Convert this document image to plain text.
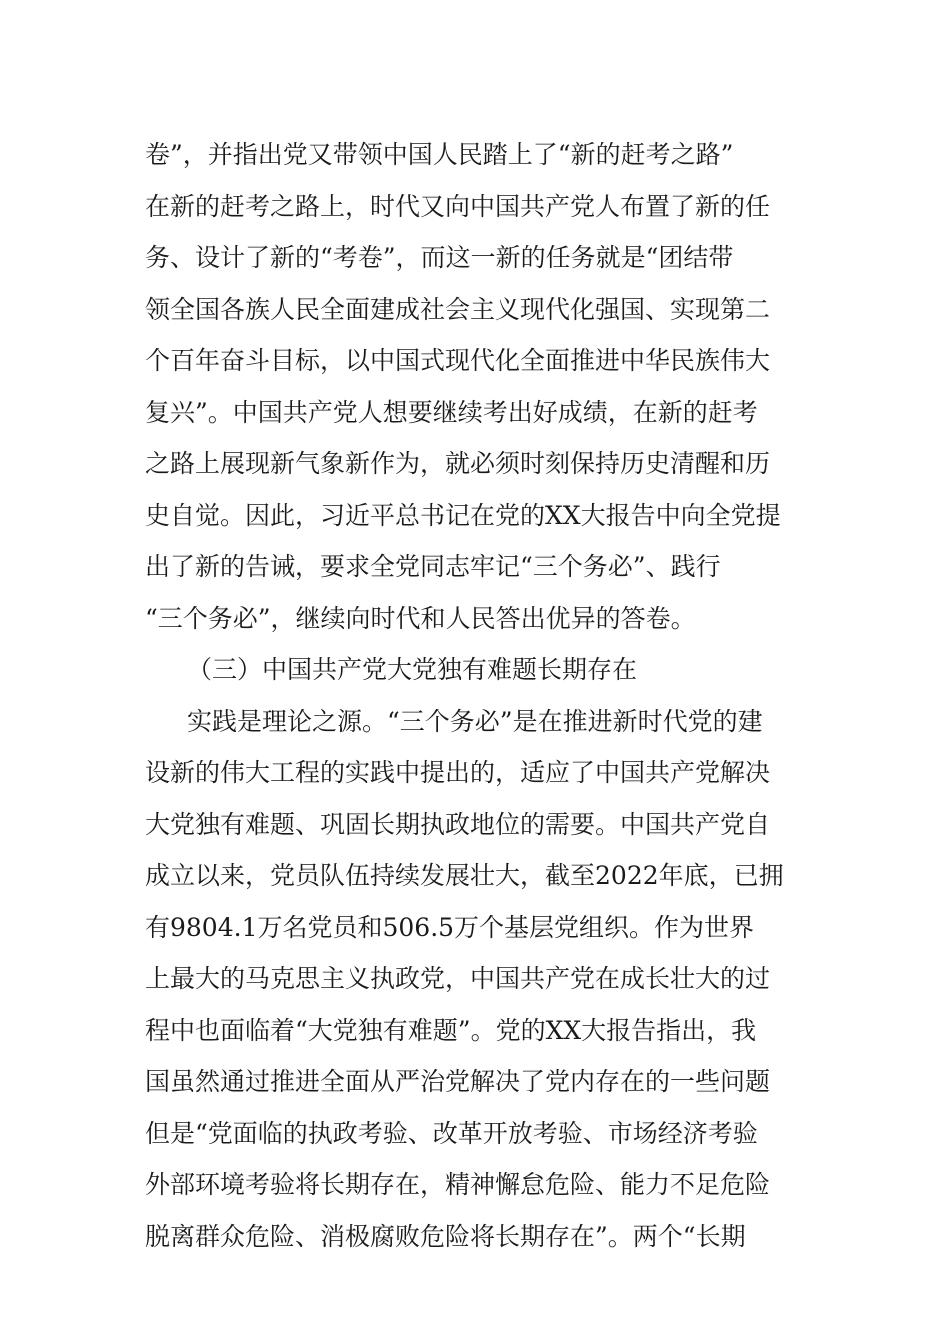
卷”，并指出党又带领中国人民踏上了“新的赶考之路”
在新的赶考之路上，时代又向中国共产党人布置了新的任
务、设计了新的“考卷”，而这一新的任务就是“团结带
领全国各族人民全面建成社会主义现代化强国、实现第二
个百年奋斗目标，以中国式现代化全面推进中华民族伟大
复兴”。中国共产党人想要继续考出好成绩，在新的赶考
之路上展现新气象新作为，就必须时刻保持历史清醒和历
史自觉。因此，习近平总书记在党的XX大报告中向全党提
出了新的告诫，要求全党同志牢记“三个务必”、践行
“三个务必”，继续向时代和人民答出优异的答卷。
（三）中国共产党大党独有难题长期存在
实践是理论之源。“三个务必”是在推进新时代党的建
设新的伟大工程的实践中提出的，适应了中国共产党解决
大党独有难题、巩固长期执政地位的需要。中国共产党自
成立以来，党员队伍持续发展壮大，截至2022年底，已拥
有9804.1万名党员和506.5万个基层党组织。作为世界
上最大的马克思主义执政党，中国共产党在成长壮大的过
程中也面临着“大党独有难题”。党的XX大报告指出，我
国虽然通过推进全面从严治党解决了党内存在的一些问题
但是“党面临的执政考验、改革开放考验、市场经济考验
外部环境考验将长期存在，精神懈怠危险、能力不足危险
脱离群众危险、消极腐败危险将长期存在”。两个“长期
